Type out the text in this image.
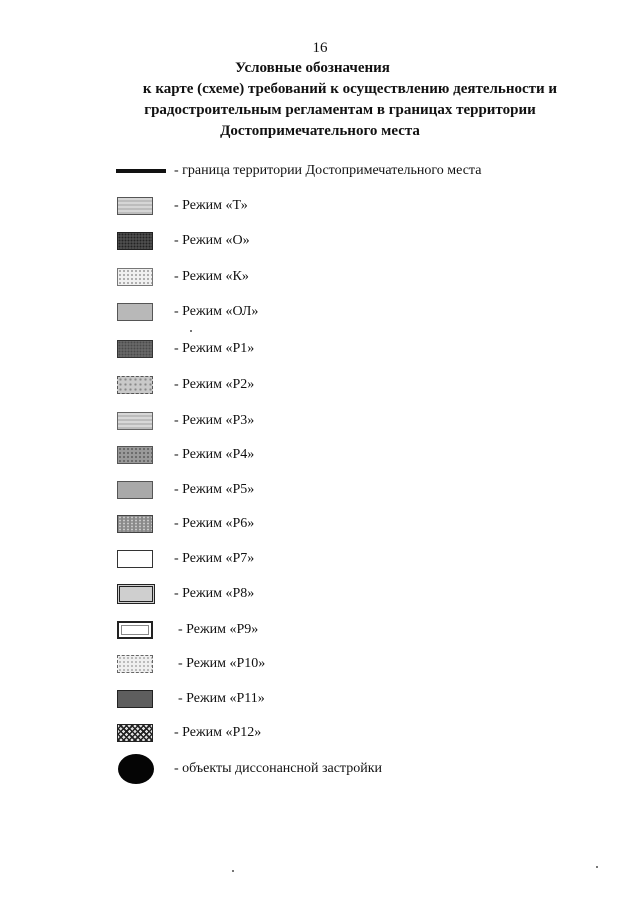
16
Условные обозначения
к карте (схеме) требований к осуществлению деятельности и
градостроительным регламентам в границах территории
Достопримечательного места
- граница территории Достопримечательного места
- Режим «Т»
- Режим «О»
- Режим «К»
- Режим «ОЛ»
- Режим «Р1»
- Режим «Р2»
- Режим «Р3»
- Режим «Р4»
- Режим «Р5»
- Режим «Р6»
- Режим «Р7»
- Режим «Р8»
- Режим «Р9»
- Режим «Р10»
- Режим «Р11»
- Режим «Р12»
- объекты диссонансной застройки
